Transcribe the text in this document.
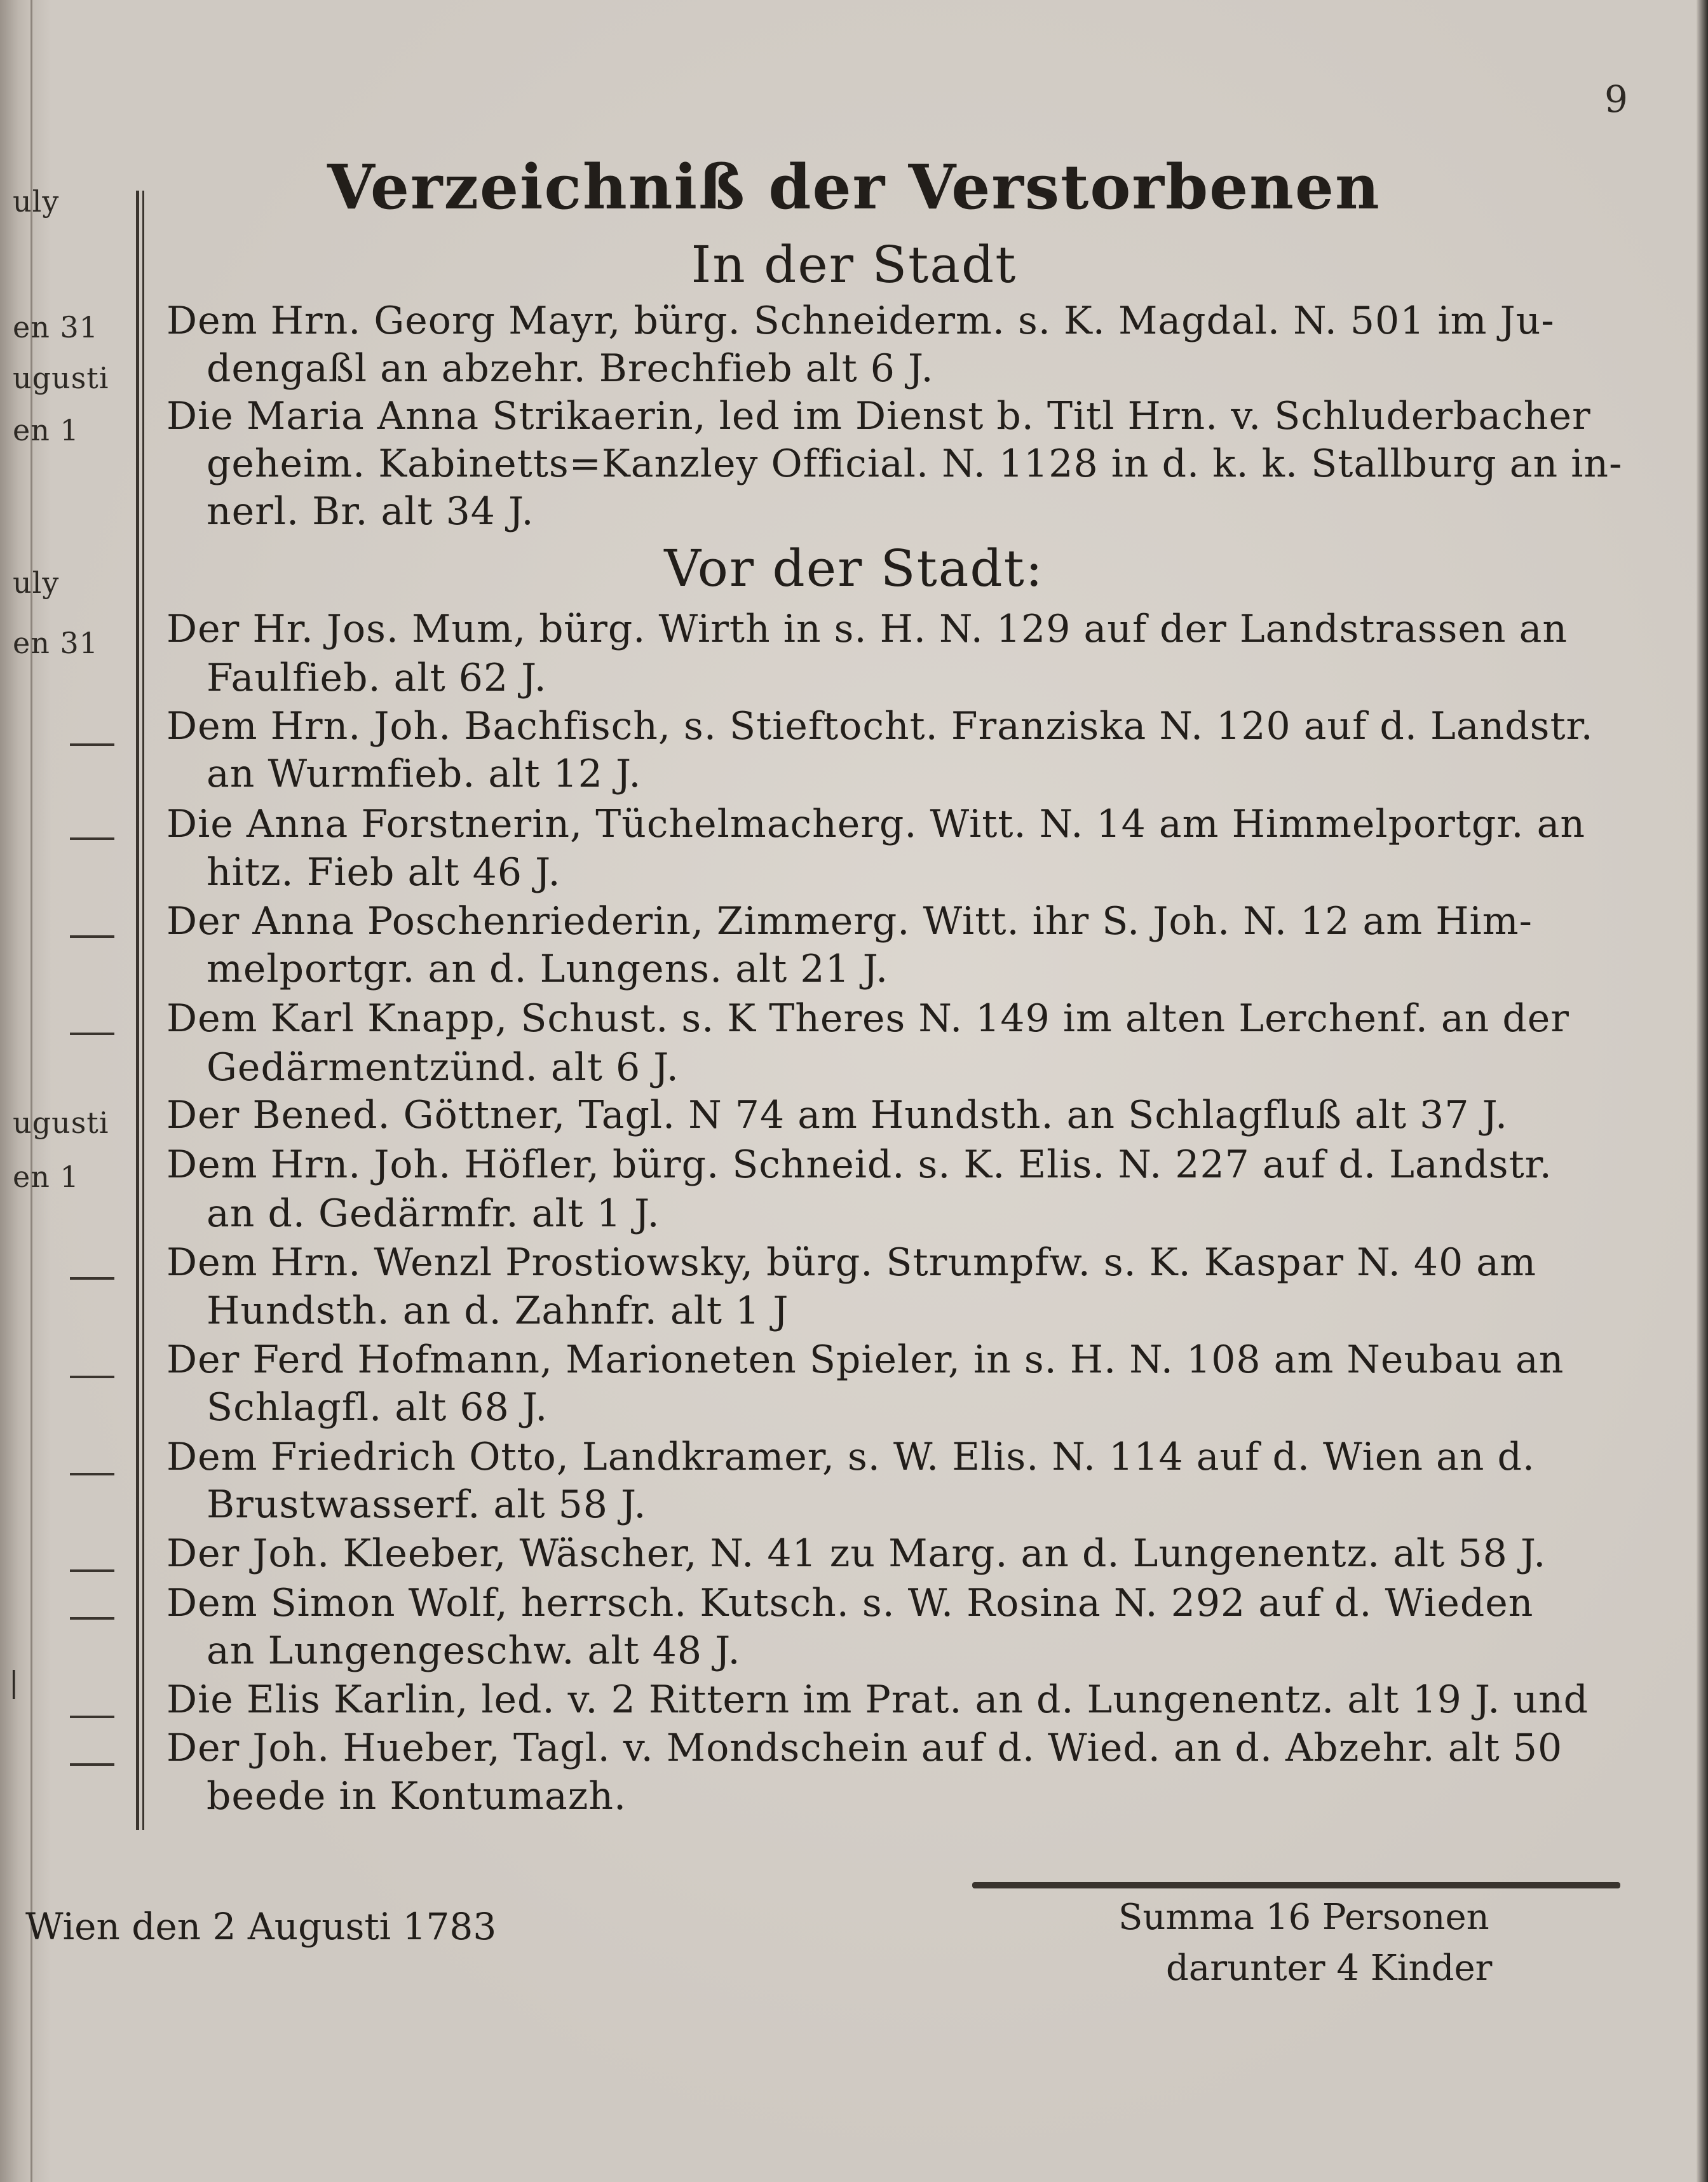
uly
en 31
ugusti
en 1
uly
en 31
ugusti
en 1
|
9
Verzeichniß der Verstorbenen
In der Stadt
Dem Hrn. Georg Mayr, bürg. Schneiderm. s. K. Magdal. N. 501 im Ju-
dengaßl an abzehr. Brechfieb alt 6 J.
Die Maria Anna Strikaerin, led im Dienst b. Titl Hrn. v. Schluderbacher
geheim. Kabinetts=Kanzley Official. N. 1128 in d. k. k. Stallburg an in-
nerl. Br. alt 34 J.
Vor der Stadt:
Der Hr. Jos. Mum, bürg. Wirth in s. H. N. 129 auf der Landstrassen an
Faulfieb. alt 62 J.
Dem Hrn. Joh. Bachfisch, s. Stieftocht. Franziska N. 120 auf d. Landstr.
an Wurmfieb. alt 12 J.
Die Anna Forstnerin, Tüchelmacherg. Witt. N. 14 am Himmelportgr. an
hitz. Fieb alt 46 J.
Der Anna Poschenriederin, Zimmerg. Witt. ihr S. Joh. N. 12 am Him-
melportgr. an d. Lungens. alt 21 J.
Dem Karl Knapp, Schust. s. K Theres N. 149 im alten Lerchenf. an der
Gedärmentzünd. alt 6 J.
Der Bened. Göttner, Tagl. N 74 am Hundsth. an Schlagfluß alt 37 J.
Dem Hrn. Joh. Höfler, bürg. Schneid. s. K. Elis. N. 227 auf d. Landstr.
an d. Gedärmfr. alt 1 J.
Dem Hrn. Wenzl Prostiowsky, bürg. Strumpfw. s. K. Kaspar N. 40 am
Hundsth. an d. Zahnfr. alt 1 J
Der Ferd Hofmann, Marioneten Spieler, in s. H. N. 108 am Neubau an
Schlagfl. alt 68 J.
Dem Friedrich Otto, Landkramer, s. W. Elis. N. 114 auf d. Wien an d.
Brustwasserf. alt 58 J.
Der Joh. Kleeber, Wäscher, N. 41 zu Marg. an d. Lungenentz. alt 58 J.
Dem Simon Wolf, herrsch. Kutsch. s. W. Rosina N. 292 auf d. Wieden
an Lungengeschw. alt 48 J.
Die Elis Karlin, led. v. 2 Rittern im Prat. an d. Lungenentz. alt 19 J. und
Der Joh. Hueber, Tagl. v. Mondschein auf d. Wied. an d. Abzehr. alt 50
beede in Kontumazh.
Wien den 2 Augusti 1783	Summa 16 Personen
darunter 4 Kinder
